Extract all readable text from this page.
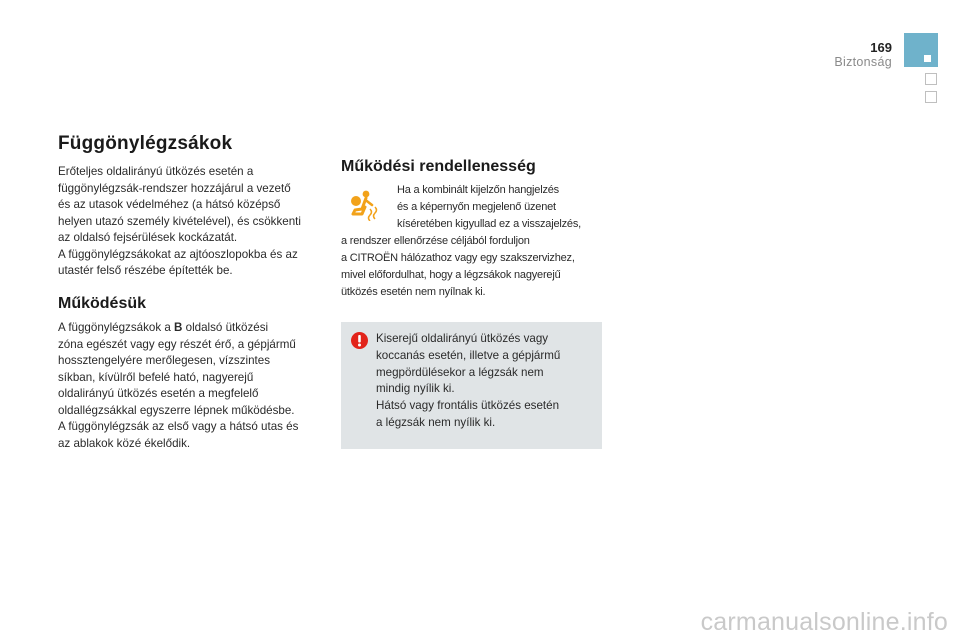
169
Biztonság
Függönylégzsákok
Erőteljes oldalirányú ütközés esetén a
függönylégzsák-rendszer hozzájárul a vezető
és az utasok védelméhez (a hátsó középső
helyen utazó személy kivételével), és csökkenti
az oldalsó fejsérülések kockázatát.
A függönylégzsákokat az ajtóoszlopokba és az
utastér felső részébe építették be.
Működésük
A függönylégzsákok a B oldalsó ütközési
zóna egészét vagy egy részét érő, a gépjármű
hossztengelyére merőlegesen, vízszintes
síkban, kívülről befelé ható, nagyerejű
oldalirányú ütközés esetén a megfelelő
oldallégzsákkal egyszerre lépnek működésbe.
A függönylégzsák az első vagy a hátsó utas és
az ablakok közé ékelődik.
Működési rendellenesség
Ha a kombinált kijelzőn hangjelzés
és a képernyőn megjelenő üzenet
kíséretében kigyullad ez a visszajelzés,
a rendszer ellenőrzése céljából forduljon
a CITROËN hálózathoz vagy egy szakszervizhez,
mivel előfordulhat, hogy a légzsákok nagyerejű
ütközés esetén nem nyílnak ki.
Kiserejű oldalirányú ütközés vagy
koccanás esetén, illetve a gépjármű
megpördülésekor a légzsák nem
mindig nyílik ki.
Hátsó vagy frontális ütközés esetén
a légzsák nem nyílik ki.
carmanualsonline.info
